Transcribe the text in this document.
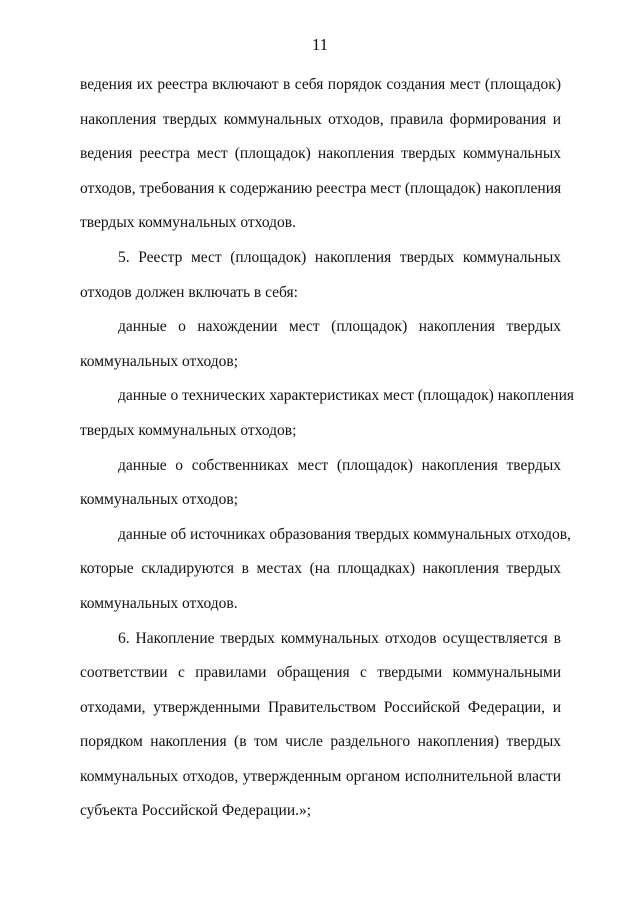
11
ведения их реестра включают в себя порядок создания мест (площадок)
накопления твердых коммунальных отходов, правила формирования и
ведения реестра мест (площадок) накопления твердых коммунальных
отходов, требования к содержанию реестра мест (площадок) накопления
твердых коммунальных отходов.
5. Реестр мест (площадок) накопления твердых коммунальных
отходов должен включать в себя:
данные о нахождении мест (площадок) накопления твердых
коммунальных отходов;
данные о технических характеристиках мест (площадок) накопления
твердых коммунальных отходов;
данные о собственниках мест (площадок) накопления твердых
коммунальных отходов;
данные об источниках образования твердых коммунальных отходов,
которые складируются в местах (на площадках) накопления твердых
коммунальных отходов.
6. Накопление твердых коммунальных отходов осуществляется в
соответствии с правилами обращения с твердыми коммунальными
отходами, утвержденными Правительством Российской Федерации, и
порядком накопления (в том числе раздельного накопления) твердых
коммунальных отходов, утвержденным органом исполнительной власти
субъекта Российской Федерации.»;
